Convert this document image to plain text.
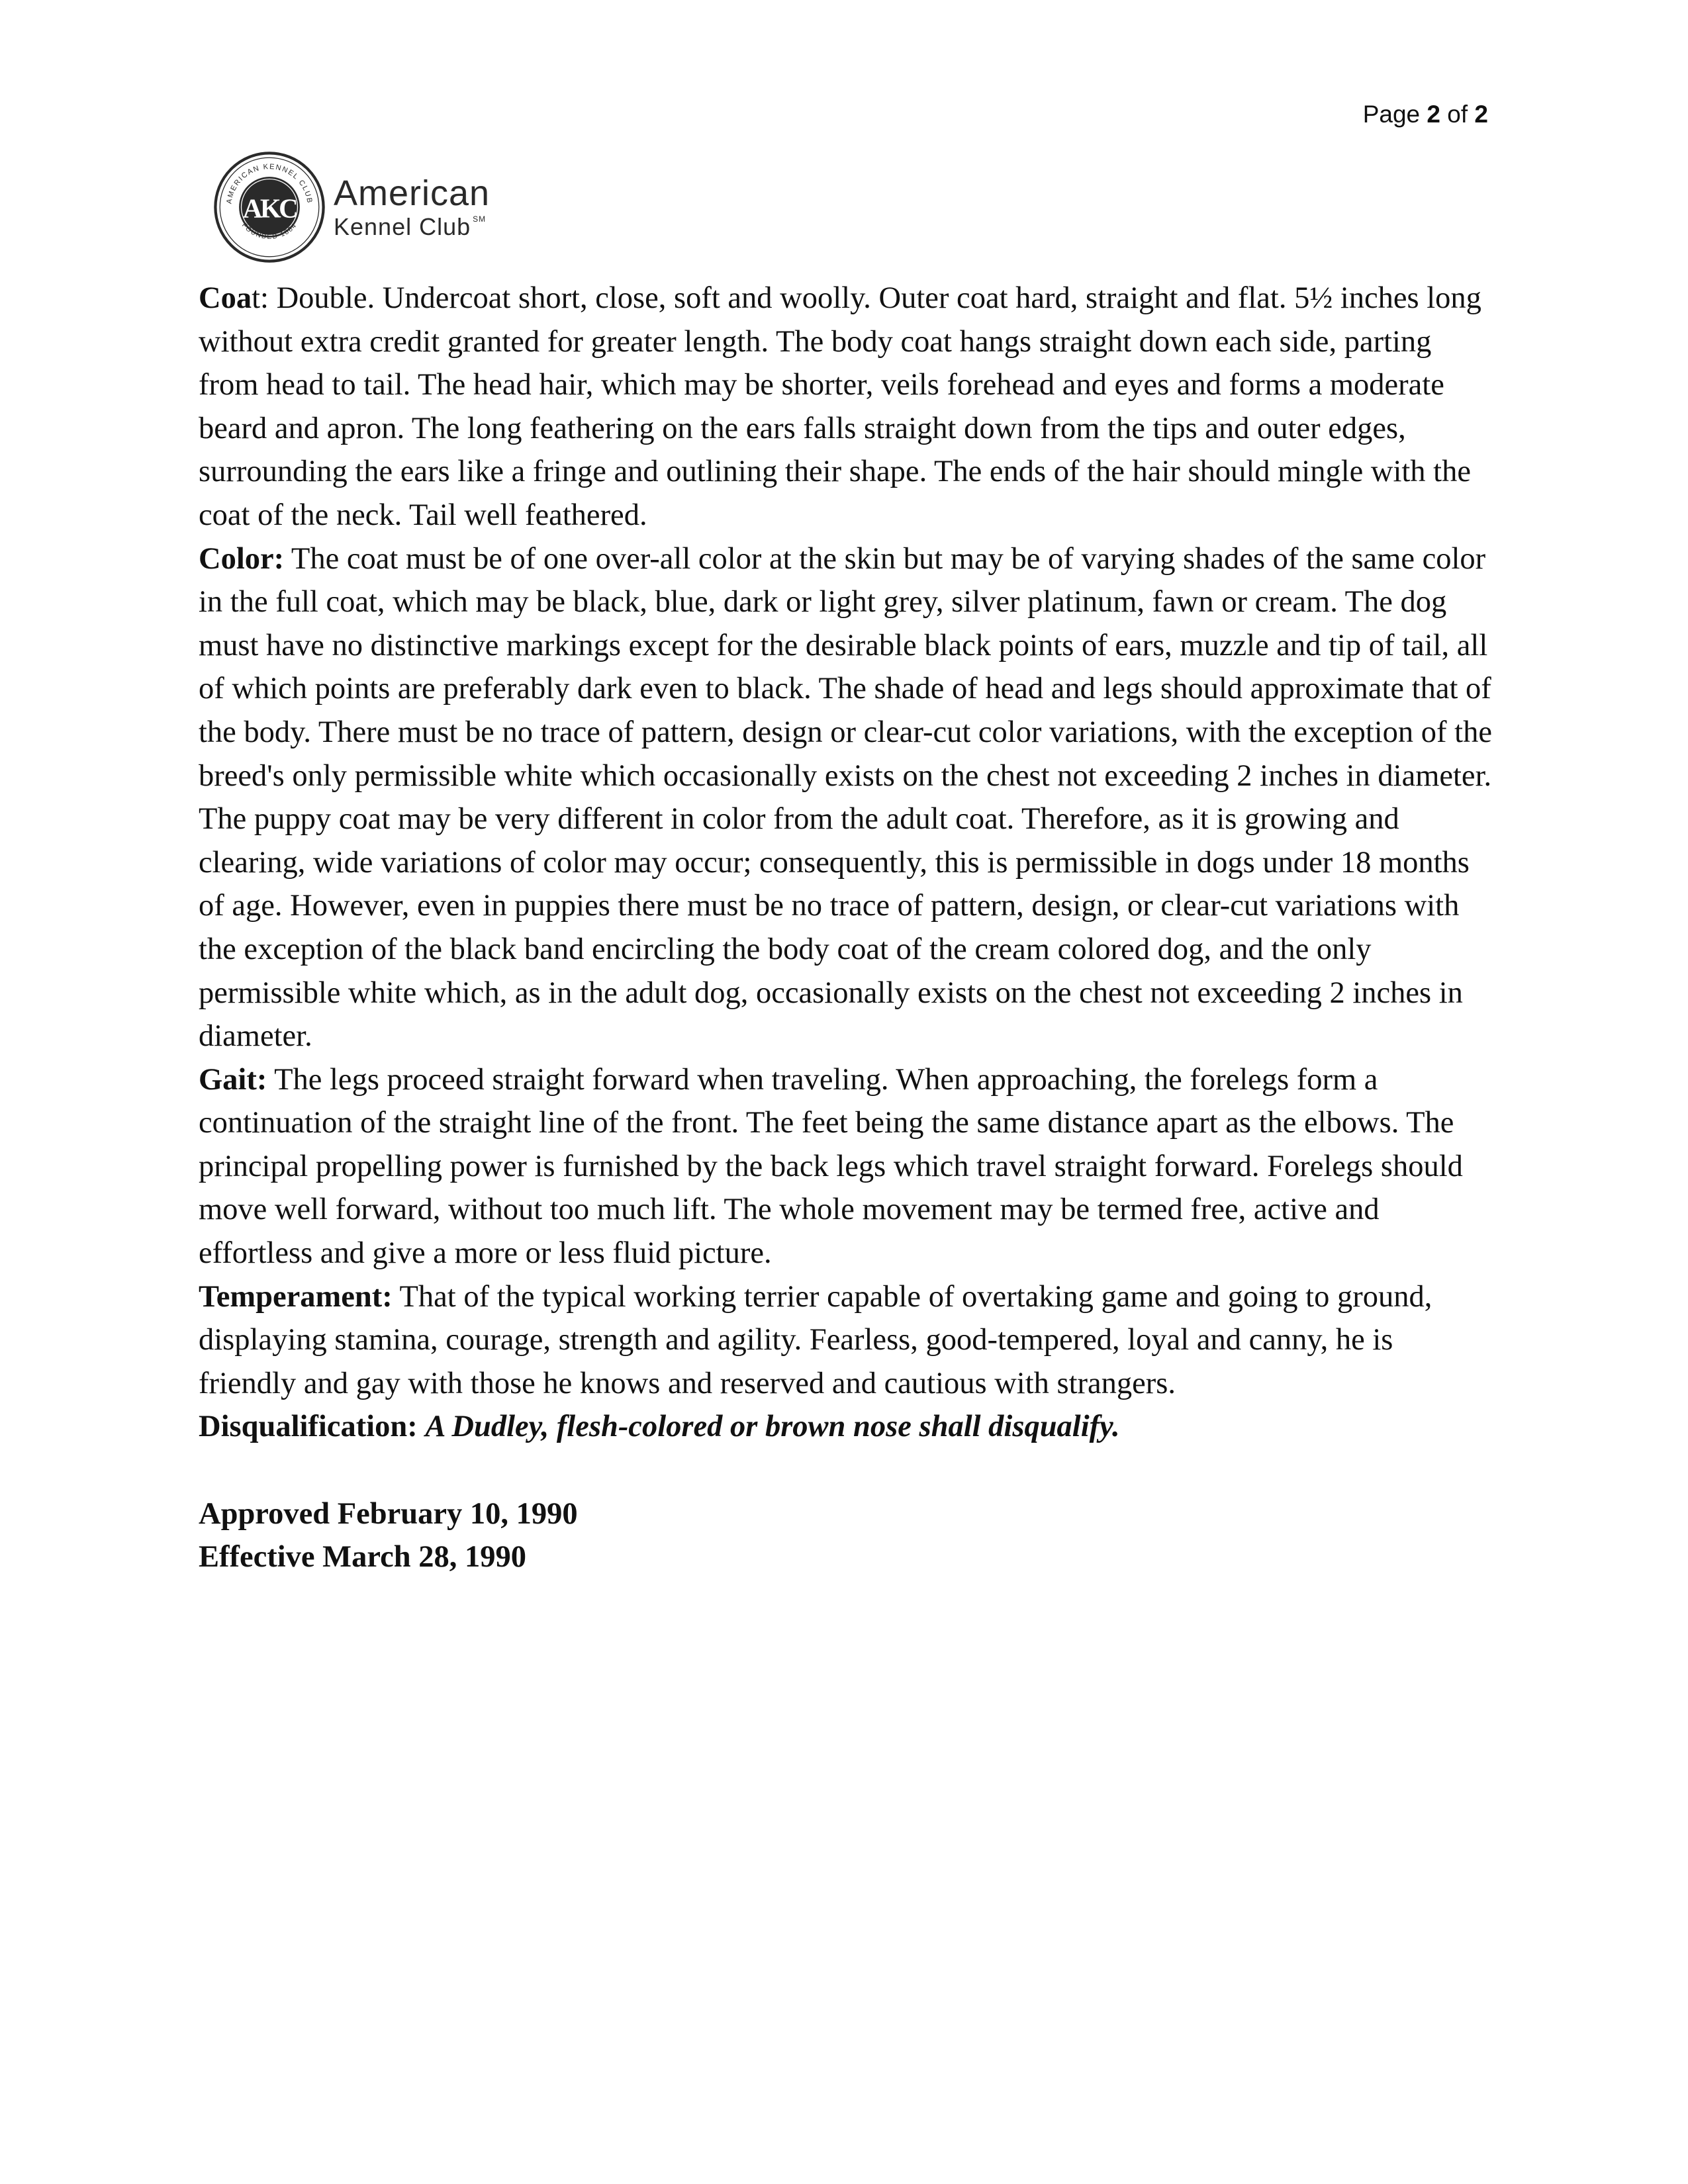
Page 2 of 2
AMERICAN KENNEL CLUB
FOUNDED 1884
AKC American
Kennel Club ℠

Coat: Double. Undercoat short, close, soft and woolly. Outer coat hard, straight and flat. 5½ inches long without extra credit granted for greater length. The body coat hangs straight down each side, parting from head to tail. The head hair, which may be shorter, veils forehead and eyes and forms a moderate beard and apron. The long feathering on the ears falls straight down from the tips and outer edges, surrounding the ears like a fringe and outlining their shape. The ends of the hair should mingle with the coat of the neck. Tail well feathered.

Color: The coat must be of one over-all color at the skin but may be of varying shades of the same color in the full coat, which may be black, blue, dark or light grey, silver platinum, fawn or cream. The dog must have no distinctive markings except for the desirable black points of ears, muzzle and tip of tail, all of which points are preferably dark even to black. The shade of head and legs should approximate that of the body. There must be no trace of pattern, design or clear-cut color variations, with the exception of the breed's only permissible white which occasionally exists on the chest not exceeding 2 inches in diameter.

The puppy coat may be very different in color from the adult coat. Therefore, as it is growing and clearing, wide variations of color may occur; consequently, this is permissible in dogs under 18 months of age. However, even in puppies there must be no trace of pattern, design, or clear-cut variations with the exception of the black band encircling the body coat of the cream colored dog, and the only permissible white which, as in the adult dog, occasionally exists on the chest not exceeding 2 inches in diameter.

Gait: The legs proceed straight forward when traveling. When approaching, the forelegs form a continuation of the straight line of the front. The feet being the same distance apart as the elbows. The principal propelling power is furnished by the back legs which travel straight forward. Forelegs should move well forward, without too much lift. The whole movement may be termed free, active and effortless and give a more or less fluid picture.

Temperament: That of the typical working terrier capable of overtaking game and going to ground, displaying stamina, courage, strength and agility. Fearless, good-tempered, loyal and canny, he is friendly and gay with those he knows and reserved and cautious with strangers.

Disqualification: A Dudley, flesh-colored or brown nose shall disqualify.

Approved February 10, 1990
Effective March 28, 1990
